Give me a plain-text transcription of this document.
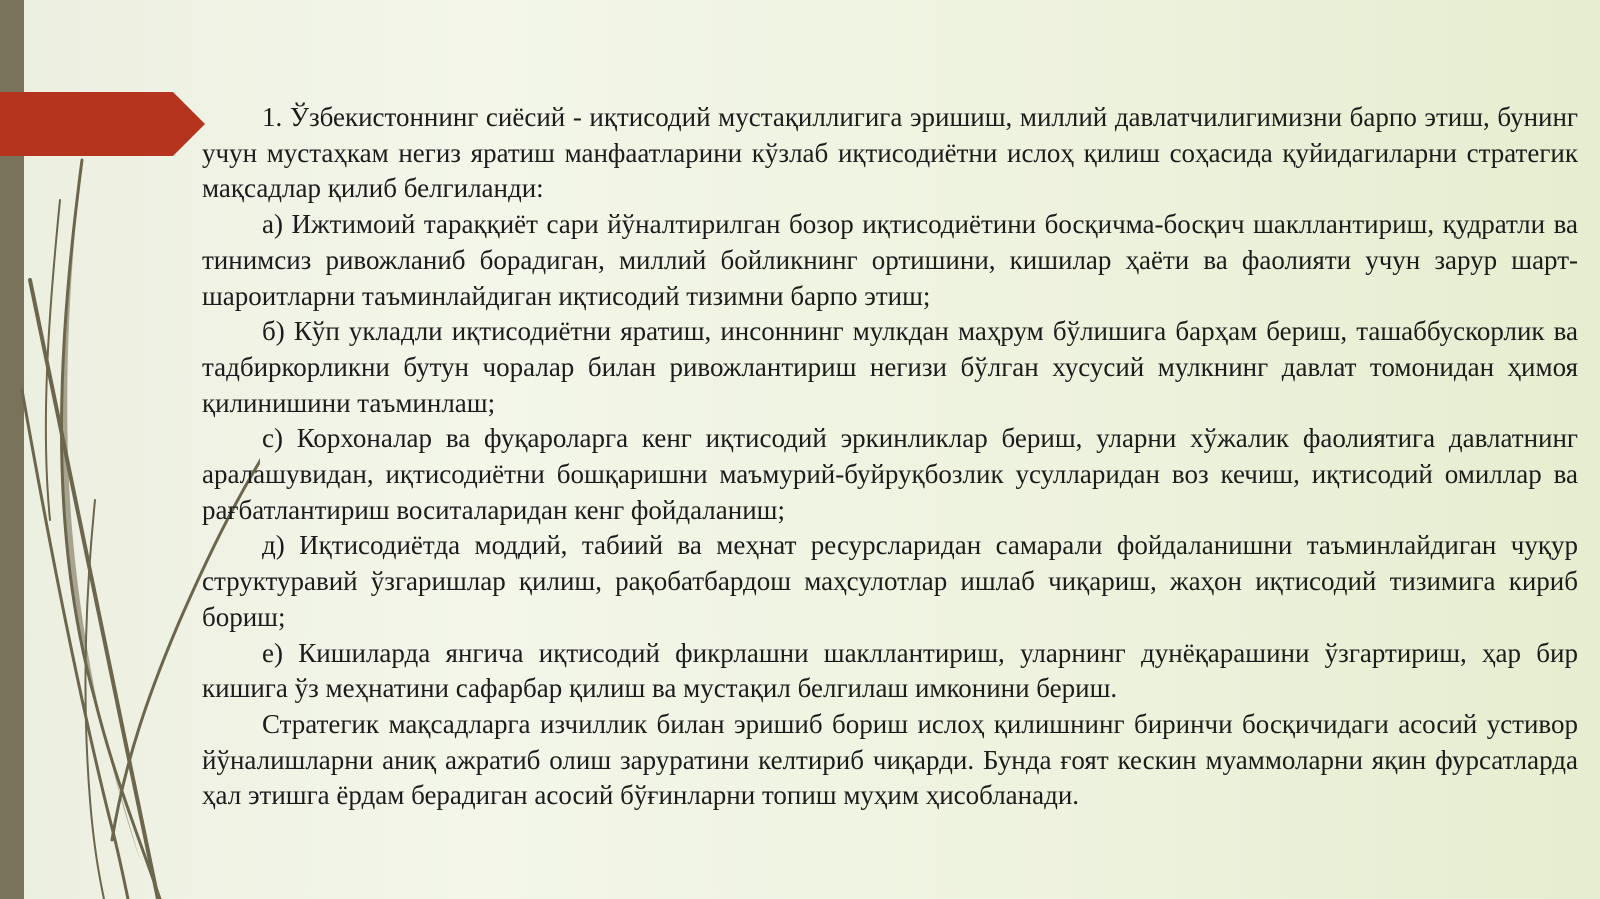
1. Ўзбекистоннинг сиёсий - иқтисодий мустақиллигига эришиш, миллий давлатчилигимизни барпо этиш, бунинг учун мустаҳкам негиз яратиш манфаатларини кўзлаб иқтисодиётни ислоҳ қилиш соҳасида қуйидагиларни стратегик мақсадлар қилиб белгиланди:

а) Ижтимоий тараққиёт сари йўналтирилган бозор иқтисодиётини босқичма-босқич шакллантириш, қудратли ва тинимсиз ривожланиб борадиган, миллий бойликнинг ортишини, кишилар ҳаёти ва фаолияти учун зарур шарт-шароитларни таъминлайдиган иқтисодий тизимни барпо этиш;

б) Кўп укладли иқтисодиётни яратиш, инсоннинг мулкдан маҳрум бўлишига барҳам бериш, ташаббускорлик ва тадбиркорликни бутун чоралар билан ривожлантириш негизи бўлган хусусий мулкнинг давлат томонидан ҳимоя қилинишини таъминлаш;

с) Корхоналар ва фуқароларга кенг иқтисодий эркинликлар бериш, уларни хўжалик фаолиятига давлатнинг аралашувидан, иқтисодиётни бошқаришни маъмурий-буйруқбозлик усулларидан воз кечиш, иқтисодий омиллар ва рағбатлантириш воситаларидан кенг фойдаланиш;

д) Иқтисодиётда моддий, табиий ва меҳнат ресурсларидан самарали фойдаланишни таъминлайдиган чуқур структуравий ўзгаришлар қилиш, рақобатбардош маҳсулотлар ишлаб чиқариш, жаҳон иқтисодий тизимига кириб бориш;

е) Кишиларда янгича иқтисодий фикрлашни шакллантириш, уларнинг дунёқарашини ўзгартириш, ҳар бир кишига ўз меҳнатини сафарбар қилиш ва мустақил белгилаш имконини бериш.

Стратегик мақсадларга изчиллик билан эришиб бориш ислоҳ қилишнинг биринчи босқичидаги асосий устивор йўналишларни аниқ ажратиб олиш заруратини келтириб чиқарди. Бунда ғоят кескин муаммоларни яқин фурсатларда ҳал этишга ёрдам берадиган асосий бўғинларни топиш муҳим ҳисобланади.
